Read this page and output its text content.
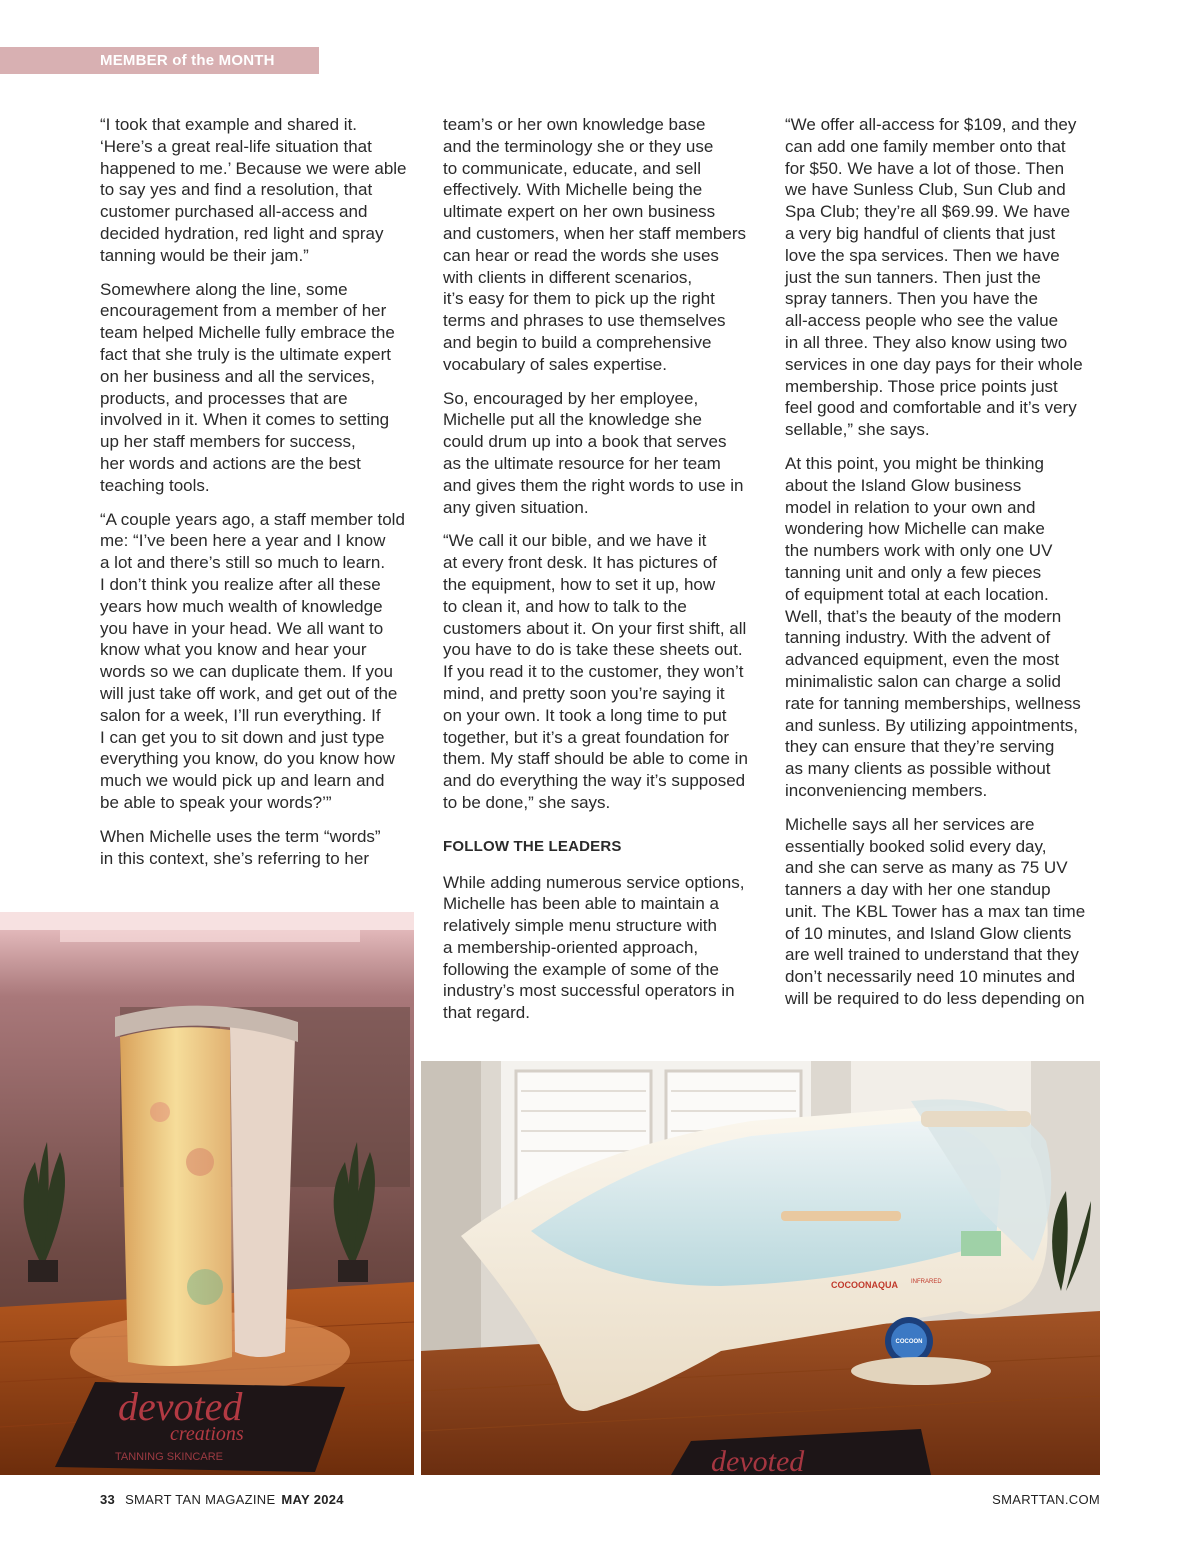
MEMBER of the MONTH

“I took that example and shared it.
‘Here’s a great real-life situation that
happened to me.’ Because we were able
to say yes and find a resolution, that
customer purchased all-access and
decided hydration, red light and spray
tanning would be their jam.”

Somewhere along the line, some
encouragement from a member of her
team helped Michelle fully embrace the
fact that she truly is the ultimate expert
on her business and all the services,
products, and processes that are
involved in it. When it comes to setting
up her staff members for success,
her words and actions are the best
teaching tools.

“A couple years ago, a staff member told
me: “I’ve been here a year and I know
a lot and there’s still so much to learn.
I don’t think you realize after all these
years how much wealth of knowledge
you have in your head. We all want to
know what you know and hear your
words so we can duplicate them. If you
will just take off work, and get out of the
salon for a week, I’ll run everything. If
I can get you to sit down and just type
everything you know, do you know how
much we would pick up and learn and
be able to speak your words?’”

When Michelle uses the term “words”
in this context, she’s referring to her

team’s or her own knowledge base
and the terminology she or they use
to communicate, educate, and sell
effectively. With Michelle being the
ultimate expert on her own business
and customers, when her staff members
can hear or read the words she uses
with clients in different scenarios,
it’s easy for them to pick up the right
terms and phrases to use themselves
and begin to build a comprehensive
vocabulary of sales expertise.

So, encouraged by her employee,
Michelle put all the knowledge she
could drum up into a book that serves
as the ultimate resource for her team
and gives them the right words to use in
any given situation.

“We call it our bible, and we have it
at every front desk. It has pictures of
the equipment, how to set it up, how
to clean it, and how to talk to the
customers about it. On your first shift, all
you have to do is take these sheets out.
If you read it to the customer, they won’t
mind, and pretty soon you’re saying it
on your own. It took a long time to put
together, but it’s a great foundation for
them. My staff should be able to come in
and do everything the way it’s supposed
to be done,” she says.

FOLLOW THE LEADERS

While adding numerous service options,
Michelle has been able to maintain a
relatively simple menu structure with
a membership-oriented approach,
following the example of some of the
industry’s most successful operators in
that regard.

“We offer all-access for $109, and they
can add one family member onto that
for $50. We have a lot of those. Then
we have Sunless Club, Sun Club and
Spa Club; they’re all $69.99. We have
a very big handful of clients that just
love the spa services. Then we have
just the sun tanners. Then just the
spray tanners. Then you have the
all-access people who see the value
in all three. They also know using two
services in one day pays for their whole
membership. Those price points just
feel good and comfortable and it’s very
sellable,” she says.

At this point, you might be thinking
about the Island Glow business
model in relation to your own and
wondering how Michelle can make
the numbers work with only one UV
tanning unit and only a few pieces
of equipment total at each location.
Well, that’s the beauty of the modern
tanning industry. With the advent of
advanced equipment, even the most
minimalistic salon can charge a solid
rate for tanning memberships, wellness
and sunless. By utilizing appointments,
they can ensure that they’re serving
as many clients as possible without
inconveniencing members.

Michelle says all her services are
essentially booked solid every day,
and she can serve as many as 75 UV
tanners a day with her one standup
unit. The KBL Tower has a max tan time
of 10 minutes, and Island Glow clients
are well trained to understand that they
don’t necessarily need 10 minutes and
will be required to do less depending on

devoted
creations
TANNING SKINCARE
COCOONAQUA INFRARED
COCOON
devoted
33 SMART TAN MAGAZINE MAY 2024	SMARTTAN.COM
